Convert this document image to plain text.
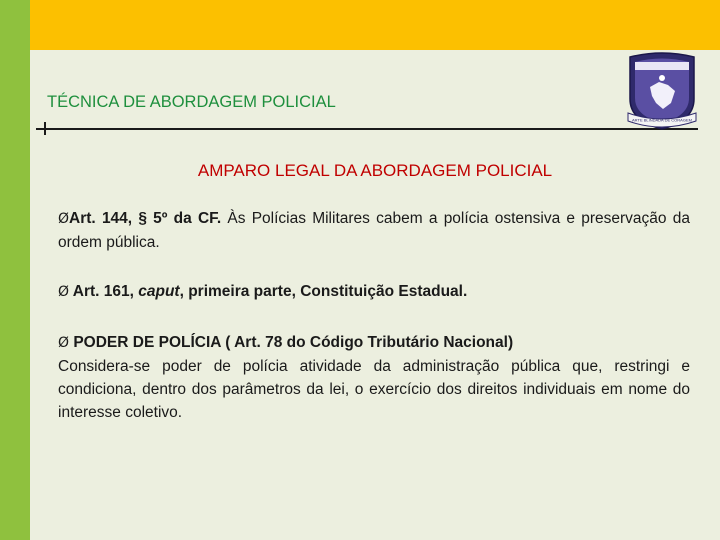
TÉCNICA DE ABORDAGEM POLICIAL
ARTE BLINDADA DE CORAGEM
AMPARO LEGAL DA ABORDAGEM POLICIAL

ØArt. 144, § 5º da CF. Às Polícias Militares cabem a polícia ostensiva e preservação da ordem pública.

Ø Art. 161, caput, primeira parte, Constituição Estadual.

Ø PODER DE POLÍCIA ( Art. 78 do Código Tributário Nacional)

Considera-se poder de polícia atividade da administração pública que, restringi e condiciona, dentro dos parâmetros da lei, o exercício dos direitos individuais em nome do interesse coletivo.
